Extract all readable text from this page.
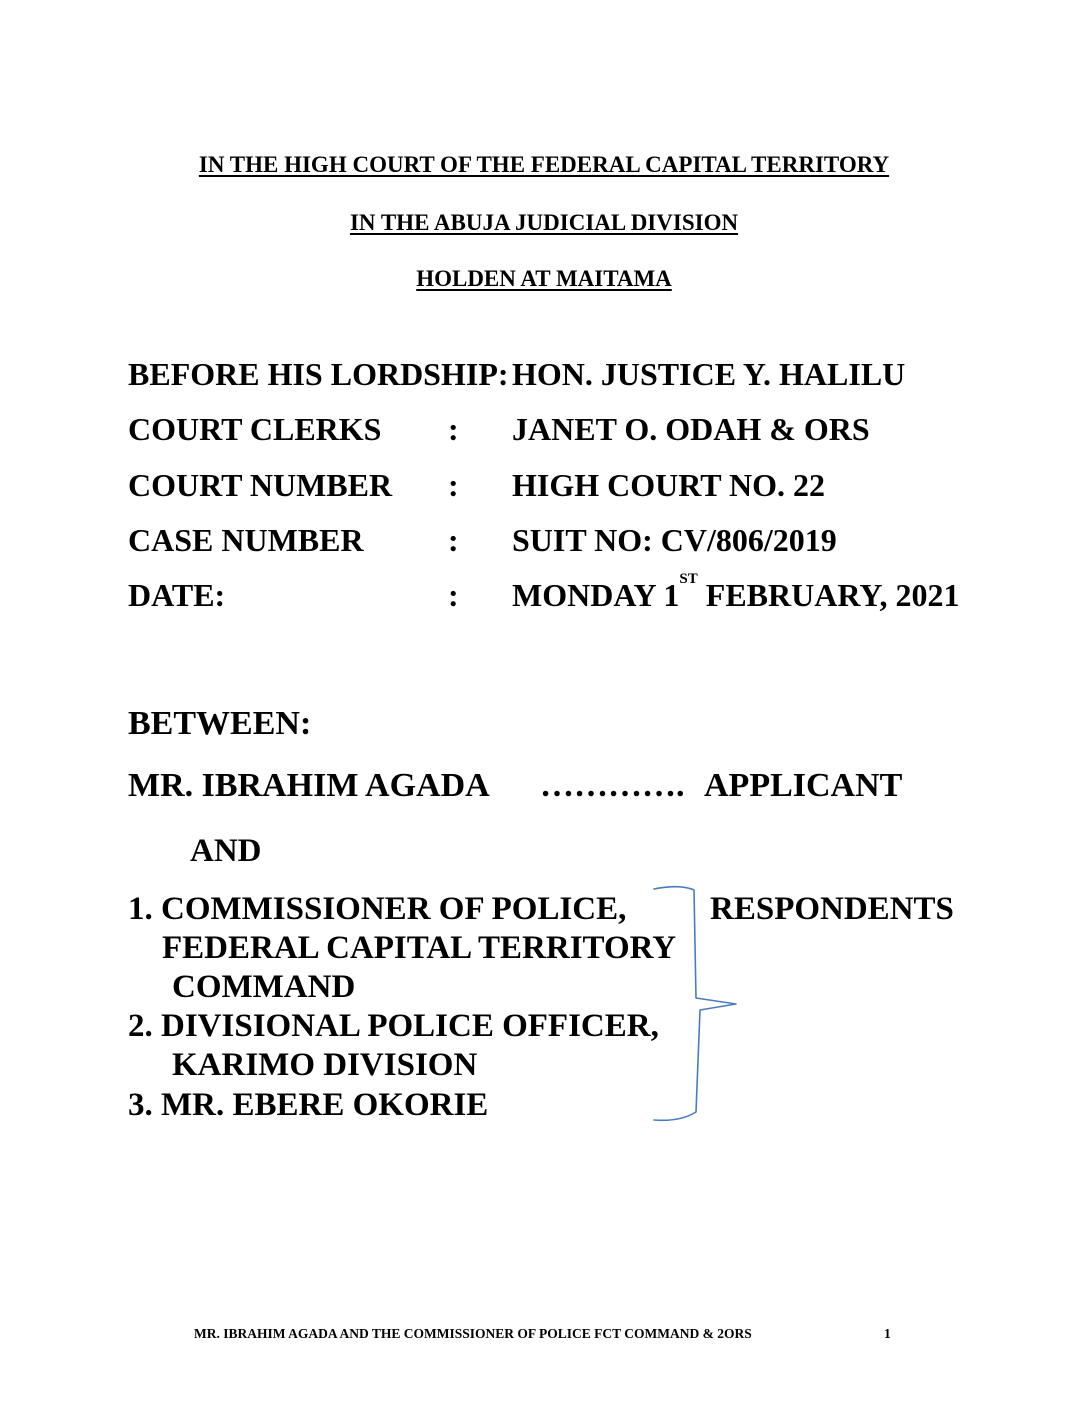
IN THE HIGH COURT OF THE FEDERAL CAPITAL TERRITORY
IN THE ABUJA JUDICIAL DIVISION
HOLDEN AT MAITAMA
BEFORE HIS LORDSHIP: HON. JUSTICE Y. HALILU
COURT CLERKS : JANET O. ODAH & ORS
COURT NUMBER : HIGH COURT NO. 22
CASE NUMBER	: SUIT NO: CV/806/2019
DATE:	: MONDAY 1ST FEBRUARY, 2021
BETWEEN:
MR. IBRAHIM AGADA …………. APPLICANT
AND
1. COMMISSIONER OF POLICE,	RESPONDENTS
FEDERAL CAPITAL TERRITORY
COMMAND
2. DIVISIONAL POLICE OFFICER,
KARIMO DIVISION
3. MR. EBERE OKORIE
MR. IBRAHIM AGADA AND THE COMMISSIONER OF POLICE FCT COMMAND & 2ORS	1
